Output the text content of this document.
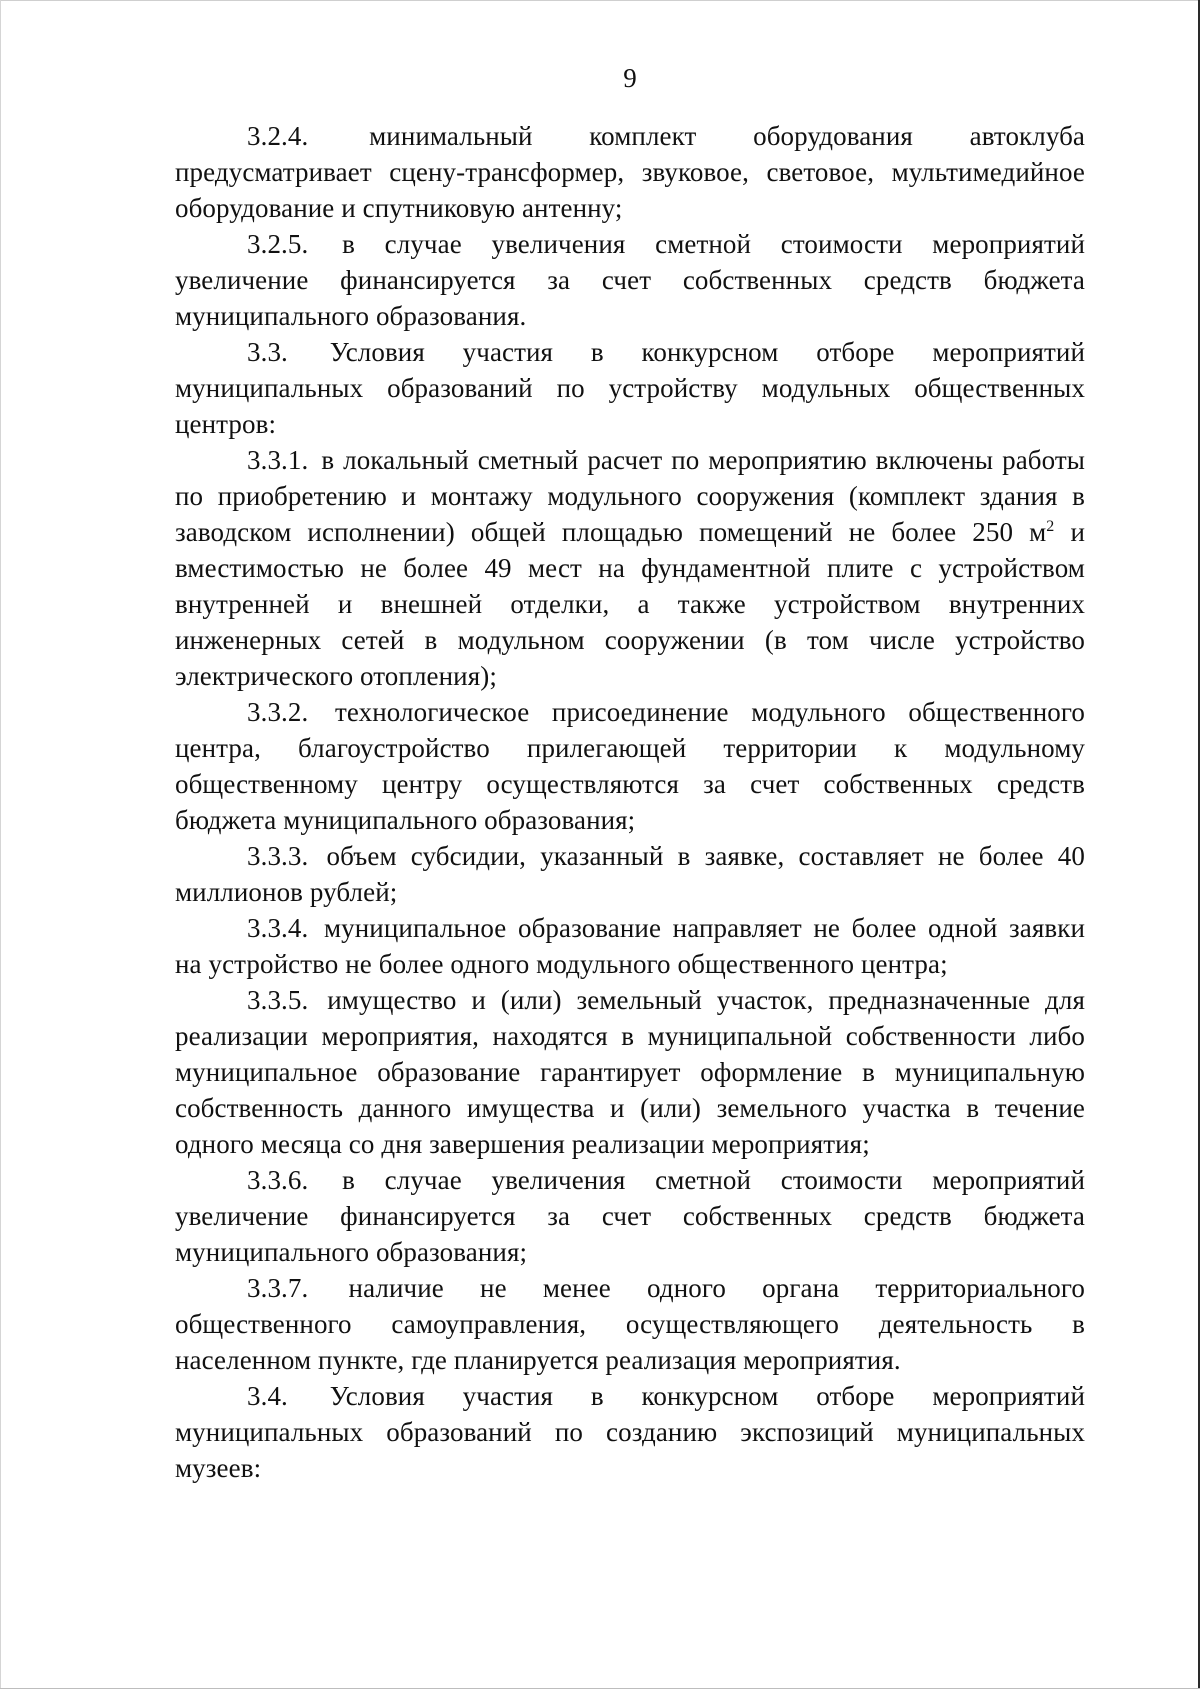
9

3.2.4. минимальный комплект оборудования автоклуба предусматривает сцену-трансформер, звуковое, световое, мультимедийное оборудование и спутниковую антенну;

3.2.5. в случае увеличения сметной стоимости мероприятий увеличение финансируется за счет собственных средств бюджета муниципального образования.

3.3. Условия участия в конкурсном отборе мероприятий муниципальных образований по устройству модульных общественных центров:

3.3.1. в локальный сметный расчет по мероприятию включены работы по приобретению и монтажу модульного сооружения (комплект здания в заводском исполнении) общей площадью помещений не более 250 $м^2$ и вместимостью не более 49 мест на фундаментной плите с устройством внутренней и внешней отделки, а также устройством внутренних инженерных сетей в модульном сооружении (в том числе устройство электрического отопления);

3.3.2. технологическое присоединение модульного общественного центра, благоустройство прилегающей территории к модульному общественному центру осуществляются за счет собственных средств бюджета муниципального образования;

3.3.3. объем субсидии, указанный в заявке, составляет не более 40 миллионов рублей;

3.3.4. муниципальное образование направляет не более одной заявки на устройство не более одного модульного общественного центра;

3.3.5. имущество и (или) земельный участок, предназначенные для реализации мероприятия, находятся в муниципальной собственности либо муниципальное образование гарантирует оформление в муниципальную собственность данного имущества и (или) земельного участка в течение одного месяца со дня завершения реализации мероприятия;

3.3.6. в случае увеличения сметной стоимости мероприятий увеличение финансируется за счет собственных средств бюджета муниципального образования;

3.3.7. наличие не менее одного органа территориального общественного самоуправления, осуществляющего деятельность в населенном пункте, где планируется реализация мероприятия.

3.4. Условия участия в конкурсном отборе мероприятий муниципальных образований по созданию экспозиций муниципальных музеев:
